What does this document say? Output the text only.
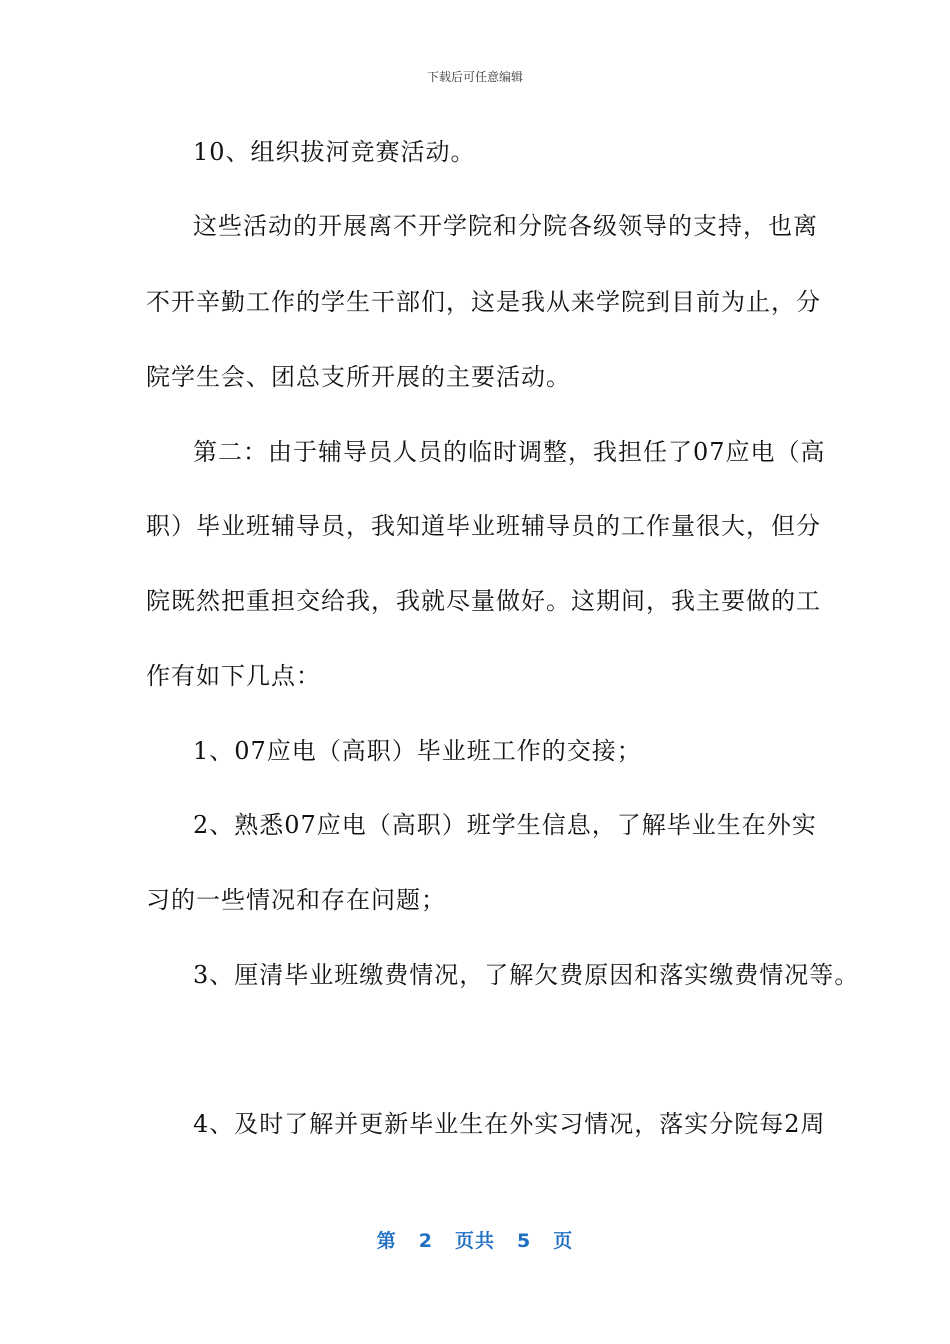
下载后可任意编辑
10、组织拔河竞赛活动。
这些活动的开展离不开学院和分院各级领导的支持，也离
不开辛勤工作的学生干部们，这是我从来学院到目前为止，分
院学生会、团总支所开展的主要活动。
第二：由于辅导员人员的临时调整，我担任了07应电（高
职）毕业班辅导员，我知道毕业班辅导员的工作量很大，但分
院既然把重担交给我，我就尽量做好。这期间，我主要做的工
作有如下几点：
1、07应电（高职）毕业班工作的交接；
2、熟悉07应电（高职）班学生信息，了解毕业生在外实
习的一些情况和存在问题；
3、厘清毕业班缴费情况，了解欠费原因和落实缴费情况等。
4、及时了解并更新毕业生在外实习情况，落实分院每2周
第 2 页共 5 页
